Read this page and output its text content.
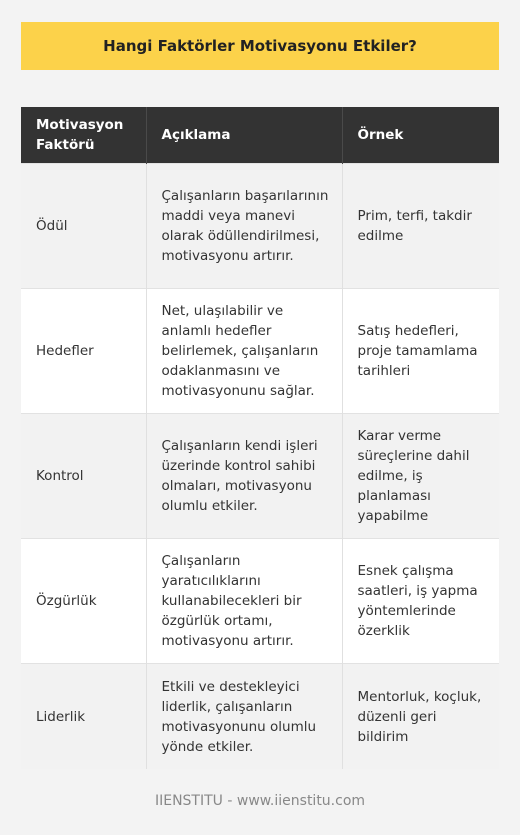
Hangi Faktörler Motivasyonu Etkiler?
Motivasyon Faktörü	Açıklama	Örnek
Ödül	Çalışanların başarılarının maddi veya manevi olarak ödüllendirilmesi, motivasyonu artırır.	Prim, terfi, takdir edilme
Hedefler	Net, ulaşılabilir ve anlamlı hedefler belirlemek, çalışanların odaklanmasını ve motivasyonunu sağlar.	Satış hedefleri, proje tamamlama tarihleri
Kontrol	Çalışanların kendi işleri üzerinde kontrol sahibi olmaları, motivasyonu olumlu etkiler.	Karar verme süreçlerine dahil edilme, iş planlaması yapabilme
Özgürlük	Çalışanların yaratıcılıklarını kullanabilecekleri bir özgürlük ortamı, motivasyonu artırır.	Esnek çalışma saatleri, iş yapma yöntemlerinde özerklik
Liderlik	Etkili ve destekleyici liderlik, çalışanların motivasyonunu olumlu yönde etkiler.	Mentorluk, koçluk, düzenli geri bildirim
IIENSTITU - www.iienstitu.com
